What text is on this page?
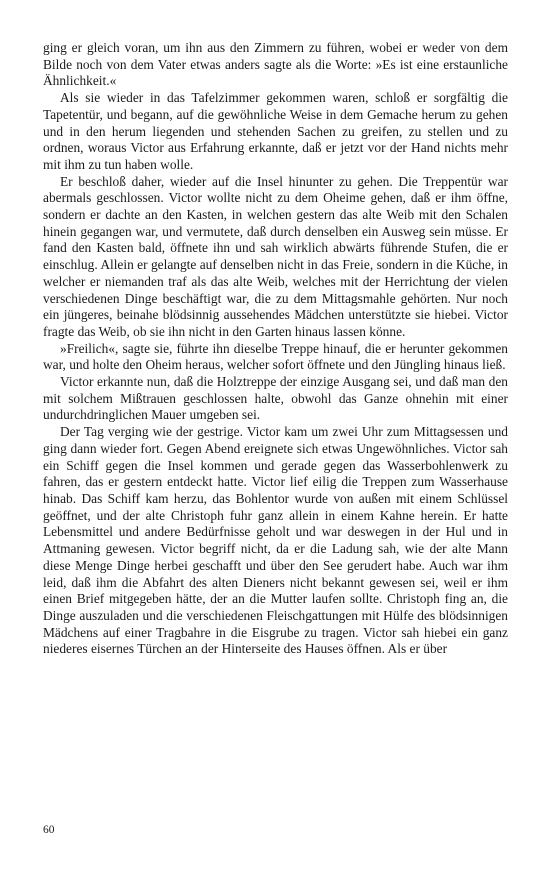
ging er gleich voran, um ihn aus den Zimmern zu führen, wobei er weder von dem Bilde noch von dem Vater etwas anders sagte als die Worte: »Es ist eine erstaunliche Ähnlichkeit.«

Als sie wieder in das Tafelzimmer gekommen waren, schloß er sorgfältig die Tapetentür, und begann, auf die gewöhnliche Weise in dem Gemache herum zu gehen und in den herum liegenden und stehenden Sachen zu greifen, zu stellen und zu ordnen, woraus Victor aus Erfahrung erkannte, daß er jetzt vor der Hand nichts mehr mit ihm zu tun haben wolle.

Er beschloß daher, wieder auf die Insel hinunter zu gehen. Die Treppentür war abermals geschlossen. Victor wollte nicht zu dem Oheime gehen, daß er ihm öffne, sondern er dachte an den Kasten, in welchen gestern das alte Weib mit den Schalen hinein gegangen war, und vermutete, daß durch denselben ein Ausweg sein müsse. Er fand den Kasten bald, öffnete ihn und sah wirklich abwärts führende Stufen, die er einschlug. Allein er gelangte auf denselben nicht in das Freie, sondern in die Küche, in welcher er niemanden traf als das alte Weib, welches mit der Herrichtung der vielen verschiedenen Dinge beschäftigt war, die zu dem Mittagsmahle gehörten. Nur noch ein jüngeres, beinahe blödsinnig aussehendes Mädchen unterstützte sie hiebei. Victor fragte das Weib, ob sie ihn nicht in den Garten hinaus lassen könne.

»Freilich«, sagte sie, führte ihn dieselbe Treppe hinauf, die er herunter gekommen war, und holte den Oheim heraus, welcher sofort öffnete und den Jüngling hinaus ließ.

Victor erkannte nun, daß die Holztreppe der einzige Ausgang sei, und daß man den mit solchem Mißtrauen geschlossen halte, obwohl das Ganze ohnehin mit einer undurchdringlichen Mauer umgeben sei.

Der Tag verging wie der gestrige. Victor kam um zwei Uhr zum Mittagsessen und ging dann wieder fort. Gegen Abend ereignete sich etwas Ungewöhnliches. Victor sah ein Schiff gegen die Insel kommen und gerade gegen das Wasserbohlenwerk zu fahren, das er gestern entdeckt hatte. Victor lief eilig die Treppen zum Wasserhause hinab. Das Schiff kam herzu, das Bohlentor wurde von außen mit einem Schlüssel geöffnet, und der alte Christoph fuhr ganz allein in einem Kahne herein. Er hatte Lebensmittel und andere Bedürfnisse geholt und war deswegen in der Hul und in Attmaning gewesen. Victor begriff nicht, da er die Ladung sah, wie der alte Mann diese Menge Dinge herbei geschafft und über den See gerudert habe. Auch war ihm leid, daß ihm die Abfahrt des alten Dieners nicht bekannt gewesen sei, weil er ihm einen Brief mitgegeben hätte, der an die Mutter laufen sollte. Christoph fing an, die Dinge auszuladen und die verschiedenen Fleischgattungen mit Hülfe des blödsinnigen Mädchens auf einer Tragbahre in die Eisgrube zu tragen. Victor sah hiebei ein ganz niederes eisernes Türchen an der Hinterseite des Hauses öffnen. Als er über

60
